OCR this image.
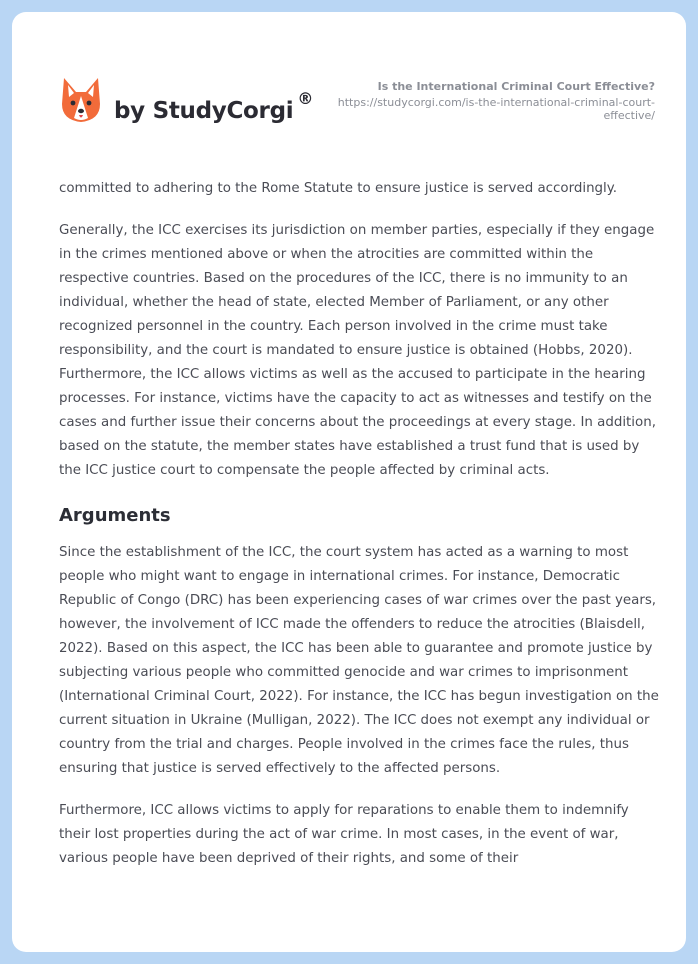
by StudyCorgi ®
Is the International Criminal Court Effective?
https://studycorgi.com/is-the-international-criminal-court-effective/

committed to adhering to the Rome Statute to ensure justice is served accordingly.

Generally, the ICC exercises its jurisdiction on member parties, especially if they engage in the crimes mentioned above or when the atrocities are committed within the respective countries. Based on the procedures of the ICC, there is no immunity to an individual, whether the head of state, elected Member of Parliament, or any other recognized personnel in the country. Each person involved in the crime must take responsibility, and the court is mandated to ensure justice is obtained (Hobbs, 2020). Furthermore, the ICC allows victims as well as the accused to participate in the hearing processes. For instance, victims have the capacity to act as witnesses and testify on the cases and further issue their concerns about the proceedings at every stage. In addition, based on the statute, the member states have established a trust fund that is used by the ICC justice court to compensate the people affected by criminal acts.

Arguments

Since the establishment of the ICC, the court system has acted as a warning to most people who might want to engage in international crimes. For instance, Democratic Republic of Congo (DRC) has been experiencing cases of war crimes over the past years, however, the involvement of ICC made the offenders to reduce the atrocities (Blaisdell, 2022). Based on this aspect, the ICC has been able to guarantee and promote justice by subjecting various people who committed genocide and war crimes to imprisonment (International Criminal Court, 2022). For instance, the ICC has begun investigation on the current situation in Ukraine (Mulligan, 2022). The ICC does not exempt any individual or country from the trial and charges. People involved in the crimes face the rules, thus ensuring that justice is served effectively to the affected persons.

Furthermore, ICC allows victims to apply for reparations to enable them to indemnify their lost properties during the act of war crime. In most cases, in the event of war, various people have been deprived of their rights, and some of their
